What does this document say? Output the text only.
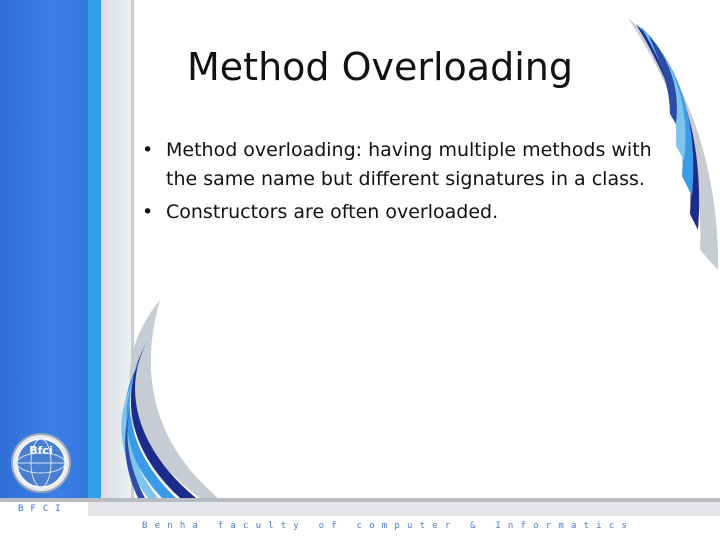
BFCI
Benha faculty of computer & Informatics
Bfci
Method Overloading
• Method overloading: having multiple methods with the same name but different signatures in a class.
• Constructors are often overloaded.
